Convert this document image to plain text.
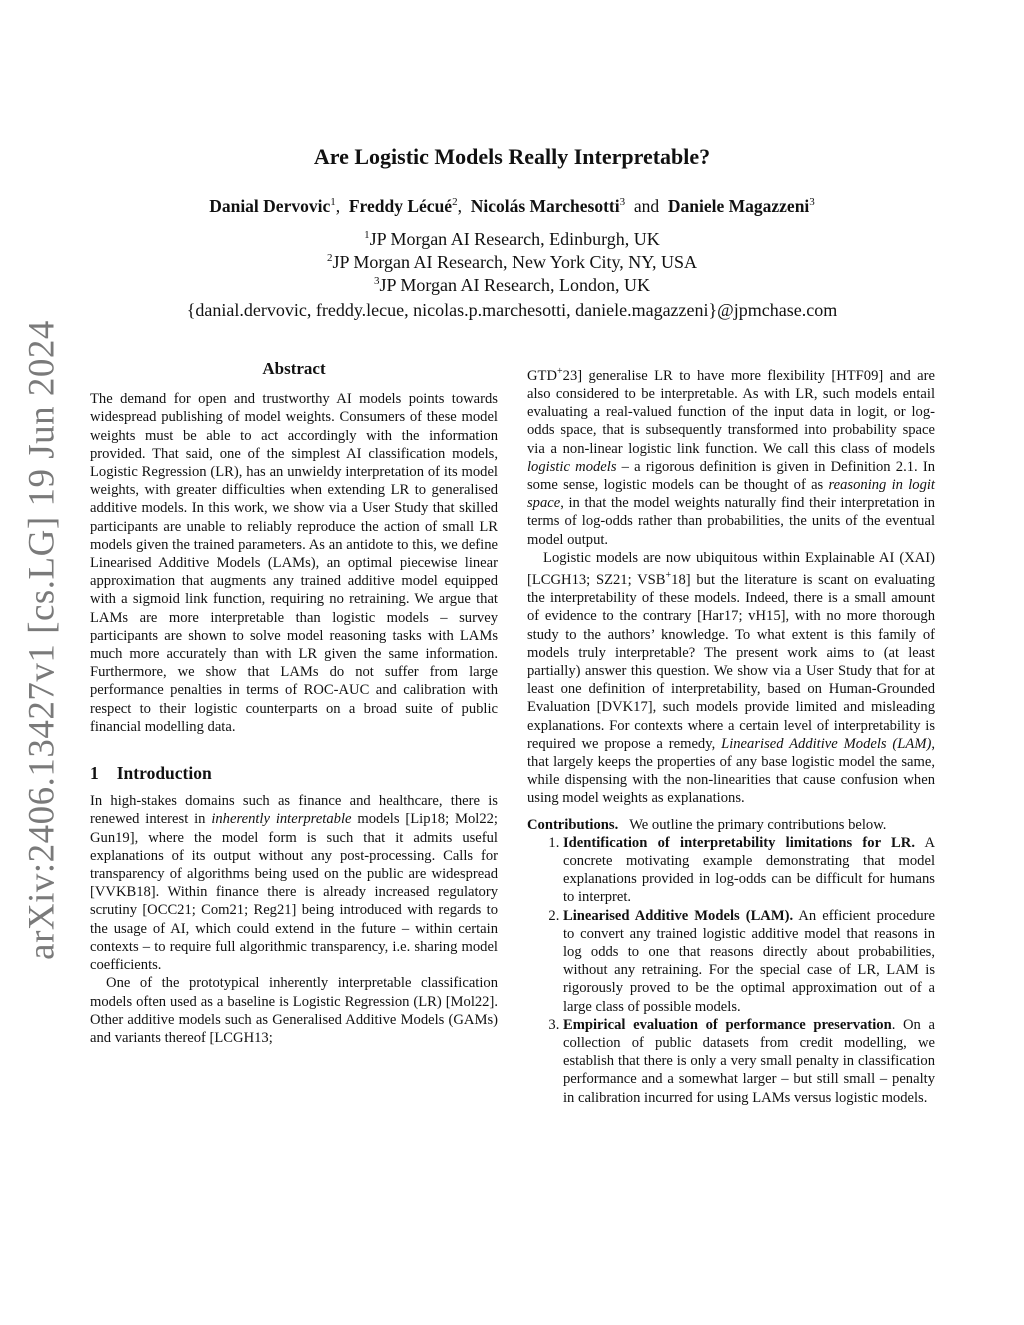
arXiv:2406.13427v1 [cs.LG] 19 Jun 2024
Are Logistic Models Really Interpretable?
Danial Dervovic$^1$, Freddy Lécué$^2$, Nicolás Marchesotti$^3$ and Daniele Magazzeni$^3$
$^1$JP Morgan AI Research, Edinburgh, UK
$^2$JP Morgan AI Research, New York City, NY, USA
$^3$JP Morgan AI Research, London, UK
{danial.dervovic, freddy.lecue, nicolas.p.marchesotti, daniele.magazzeni}@jpmchase.com
Abstract

The demand for open and trustworthy AI models points towards widespread publishing of model weights. Consumers of these model weights must be able to act accordingly with the information provided. That said, one of the simplest AI classification models, Logistic Regression (LR), has an unwieldy interpretation of its model weights, with greater difficulties when extending LR to generalised additive models. In this work, we show via a User Study that skilled participants are unable to reliably reproduce the action of small LR models given the trained parameters. As an antidote to this, we define Linearised Additive Models (LAMs), an optimal piecewise linear approximation that augments any trained additive model equipped with a sigmoid link function, requiring no retraining. We argue that LAMs are more interpretable than logistic models – survey participants are shown to solve model reasoning tasks with LAMs much more accurately than with LR given the same information. Furthermore, we show that LAMs do not suffer from large performance penalties in terms of ROC-AUC and calibration with respect to their logistic counterparts on a broad suite of public financial modelling data.

1 Introduction

In high-stakes domains such as finance and healthcare, there is renewed interest in inherently interpretable models [Lip18; Mol22; Gun19], where the model form is such that it admits useful explanations of its output without any post-processing. Calls for transparency of algorithms being used on the public are widespread [VVKB18]. Within finance there is already increased regulatory scrutiny [OCC21; Com21; Reg21] being introduced with regards to the usage of AI, which could extend in the future – within certain contexts – to require full algorithmic transparency, i.e. sharing model coefficients.

One of the prototypical inherently interpretable classification models often used as a baseline is Logistic Regression (LR) [Mol22]. Other additive models such as Generalised Additive Models (GAMs) and variants thereof [LCGH13;

GTD+23] generalise LR to have more flexibility [HTF09] and are also considered to be interpretable. As with LR, such models entail evaluating a real-valued function of the input data in logit, or log-odds space, that is subsequently transformed into probability space via a non-linear logistic link function. We call this class of models logistic models – a rigorous definition is given in Definition 2.1. In some sense, logistic models can be thought of as reasoning in logit space, in that the model weights naturally find their interpretation in terms of log-odds rather than probabilities, the units of the eventual model output.

Logistic models are now ubiquitous within Explainable AI (XAI) [LCGH13; SZ21; VSB+18] but the literature is scant on evaluating the interpretability of these models. Indeed, there is a small amount of evidence to the contrary [Har17; vH15], with no more thorough study to the authors’ knowledge. To what extent is this family of models truly interpretable? The present work aims to (at least partially) answer this question. We show via a User Study that for at least one definition of interpretability, based on Human-Grounded Evaluation [DVK17], such models provide limited and misleading explanations. For contexts where a certain level of interpretability is required we propose a remedy, Linearised Additive Models (LAM), that largely keeps the properties of any base logistic model the same, while dispensing with the non-linearities that cause confusion when using model weights as explanations.

Contributions. We outline the primary contributions below.

1. Identification of interpretability limitations for LR. A concrete motivating example demonstrating that model explanations provided in log-odds can be difficult for humans to interpret.
2. Linearised Additive Models (LAM). An efficient procedure to convert any trained logistic additive model that reasons in log odds to one that reasons directly about probabilities, without any retraining. For the special case of LR, LAM is rigorously proved to be the optimal approximation out of a large class of possible models.
3. Empirical evaluation of performance preservation. On a collection of public datasets from credit modelling, we establish that there is only a very small penalty in classification performance and a somewhat larger – but still small – penalty in calibration incurred for using LAMs versus logistic models.
